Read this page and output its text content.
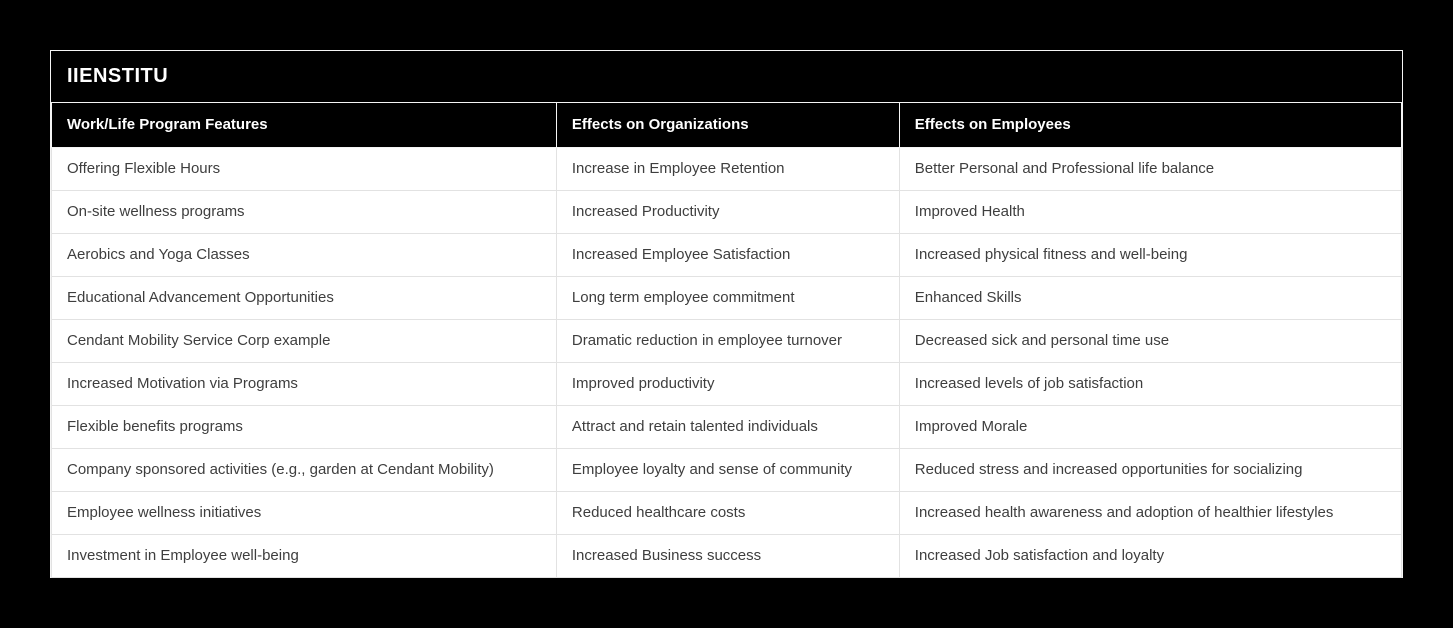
IIENSTITU
Work/Life Program Features	Effects on Organizations	Effects on Employees
Offering Flexible Hours	Increase in Employee Retention	Better Personal and Professional life balance
On-site wellness programs	Increased Productivity	Improved Health
Aerobics and Yoga Classes	Increased Employee Satisfaction	Increased physical fitness and well-being
Educational Advancement Opportunities	Long term employee commitment	Enhanced Skills
Cendant Mobility Service Corp example	Dramatic reduction in employee turnover	Decreased sick and personal time use
Increased Motivation via Programs	Improved productivity	Increased levels of job satisfaction
Flexible benefits programs	Attract and retain talented individuals	Improved Morale
Company sponsored activities (e.g., garden at Cendant Mobility)	Employee loyalty and sense of community	Reduced stress and increased opportunities for socializing
Employee wellness initiatives	Reduced healthcare costs	Increased health awareness and adoption of healthier lifestyles
Investment in Employee well-being	Increased Business success	Increased Job satisfaction and loyalty
